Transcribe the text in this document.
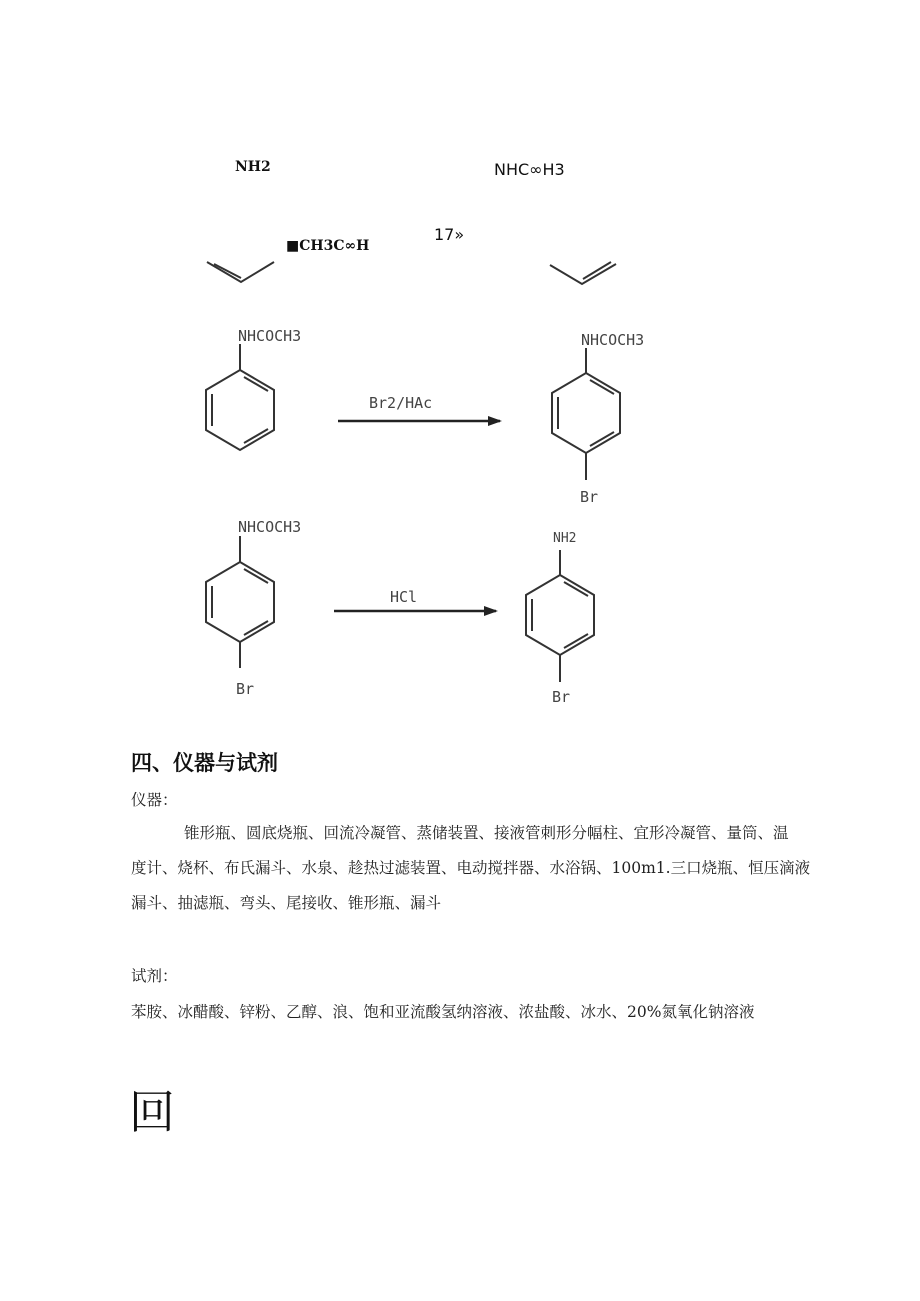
NH2	NHC∞H3
■CH3C∞H
17»
NHCOCH3
Br2/HAc
NHCOCH3
Br
NHCOCH3
Br
HCl
NH2
Br
四、仪器与试剂
仪器：
锥形瓶、圆底烧瓶、回流冷凝管、蒸储装置、接液管刺形分幅柱、宜形冷凝管、量筒、温
度计、烧杯、布氏漏斗、水泉、趁热过滤装置、电动搅拌器、水浴锅、100m1.三口烧瓶、恒压滴液
漏斗、抽滤瓶、弯头、尾接收、锥形瓶、漏斗
试剂：
苯胺、冰醋酸、锌粉、乙醇、浪、饱和亚流酸氢纳溶液、浓盐酸、冰水、20%氮氧化钠溶液
回
